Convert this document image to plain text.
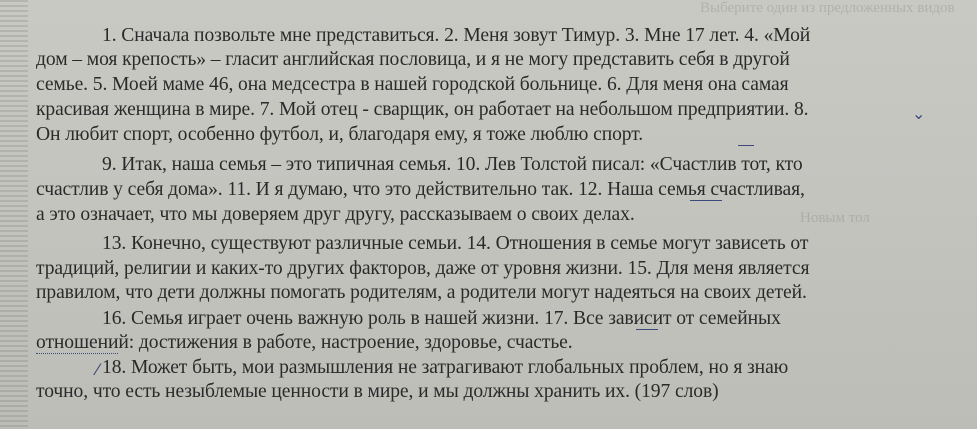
Выберите один из предложенных видов
Новым тол
1. Сначала позвольте мне представиться. 2. Меня зовут Тимур. 3. Мне 17 лет. 4. «Мой
дом – моя крепость» – гласит английская пословица, и я не могу представить себя в другой
семье. 5. Моей маме 46, она медсестра в нашей городской больнице. 6. Для меня она самая
красивая женщина в мире. 7. Мой отец - сварщик, он работает на небольшом предприятии. 8.
Он любит спорт, особенно футбол, и, благодаря ему, я тоже люблю спорт.
9. Итак, наша семья – это типичная семья. 10. Лев Толстой писал: «Счастлив тот, кто
счастлив у себя дома». 11. И я думаю, что это действительно так. 12. Наша семья счастливая,
а это означает, что мы доверяем друг другу, рассказываем о своих делах.
13. Конечно, существуют различные семьи. 14. Отношения в семье могут зависеть от
традиций, религии и каких-то других факторов, даже от уровня жизни. 15. Для меня является
правилом, что дети должны помогать родителям, а родители могут надеяться на своих детей.
16. Семья играет очень важную роль в нашей жизни. 17. Все зависит от семейных
отношений: достижения в работе, настроение, здоровье, счастье.
18. Может быть, мои размышления не затрагивают глобальных проблем, но я знаю
точно, что есть незыблемые ценности в мире, и мы должны хранить их. (197 слов)
⌄
⁄
